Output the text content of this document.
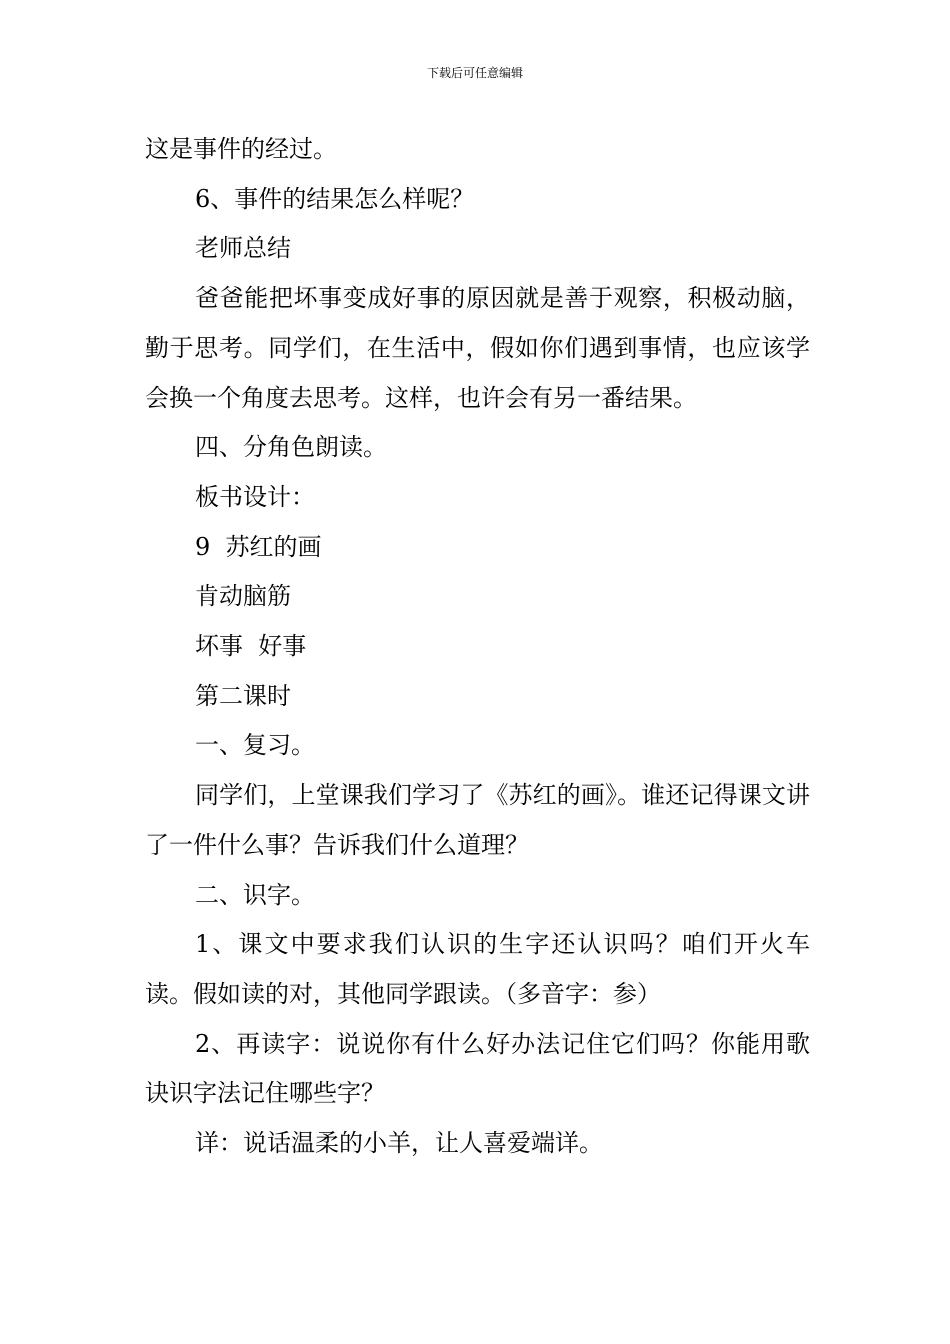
下载后可任意编辑

这是事件的经过。

6、事件的结果怎么样呢？

老师总结

爸爸能把坏事变成好事的原因就是善于观察，积极动脑，勤于思考。同学们，在生活中，假如你们遇到事情，也应该学会换一个角度去思考。这样，也许会有另一番结果。

四、分角色朗读。

板书设计：

9  苏红的画

肯动脑筋

坏事  好事

第二课时

一、复习。

同学们，上堂课我们学习了《苏红的画》。谁还记得课文讲了一件什么事？告诉我们什么道理？

二、识字。

1、课文中要求我们认识的生字还认识吗？咱们开火车读。假如读的对，其他同学跟读。（多音字：参）

2、再读字：说说你有什么好办法记住它们吗？你能用歌诀识字法记住哪些字？

详：说话温柔的小羊，让人喜爱端详。
